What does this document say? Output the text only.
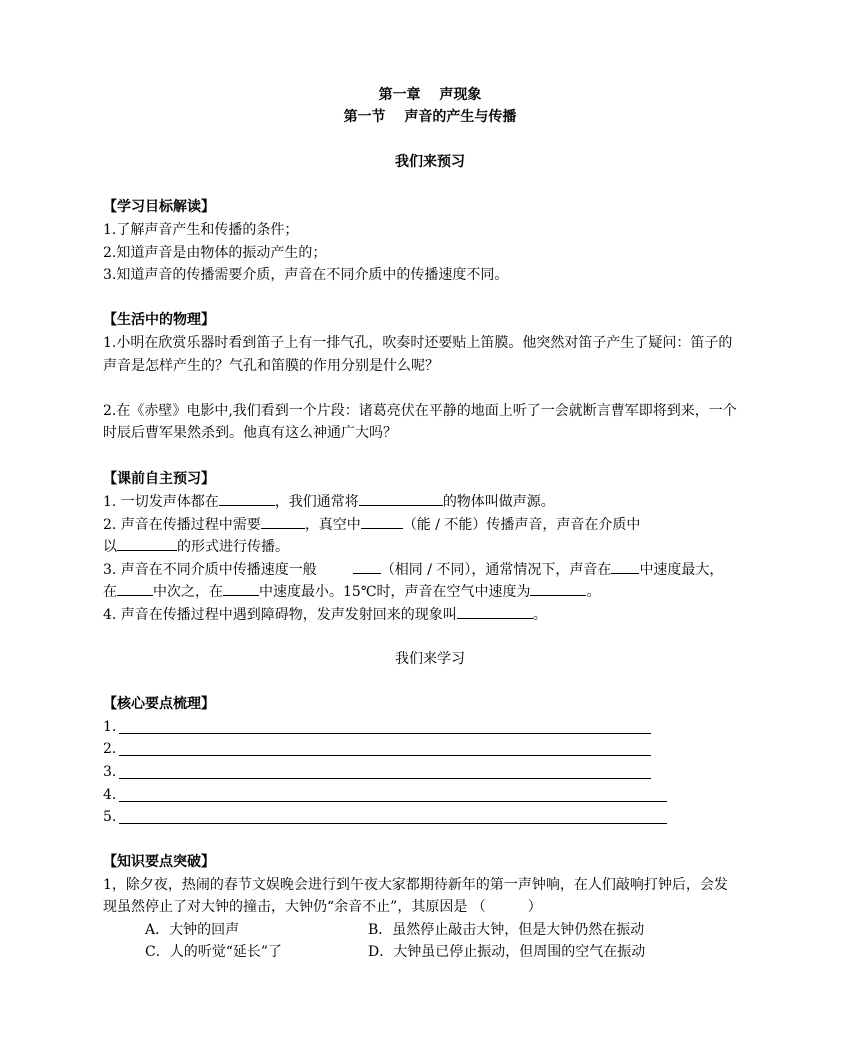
第一章　 声现象
第一节　 声音的产生与传播
我们来预习
【学习目标解读】
1.了解声音产生和传播的条件；
2.知道声音是由物体的振动产生的；
3.知道声音的传播需要介质，声音在不同介质中的传播速度不同。
【生活中的物理】
1.小明在欣赏乐器时看到笛子上有一排气孔，吹奏时还要贴上笛膜。他突然对笛子产生了疑问：笛子的
声音是怎样产生的？气孔和笛膜的作用分别是什么呢？
2.在《赤壁》电影中,我们看到一个片段：诸葛亮伏在平静的地面上听了一会就断言曹军即将到来，一个
时辰后曹军果然杀到。他真有这么神通广大吗？
【课前自主预习】
1. 一切发声体都在	，我们通常将	的物体叫做声源。
2. 声音在传播过程中需要	，真空中	（能 / 不能）传播声音，声音在介质中
以	的形式进行传播。
3. 声音在不同介质中传播速度一般	（相同 / 不同），通常情况下，声音在 中速度最大，
在	中次之，在	中速度最小。15℃时，声音在空气中速度为	。
4. 声音在传播过程中遇到障碍物，发声发射回来的现象叫	。
我们来学习
【核心要点梳理】
1.
2.
3.
4.
5.
【知识要点突破】
1，除夕夜，热闹的春节文娱晚会进行到午夜大家都期待新年的第一声钟响，在人们敲响打钟后，会发
现虽然停止了对大钟的撞击，大钟仍“余音不止”，其原因是 （　　　）
A．大钟的回声	B．虽然停止敲击大钟，但是大钟仍然在振动
C．人的听觉“延长”了	D．大钟虽已停止振动，但周围的空气在振动
